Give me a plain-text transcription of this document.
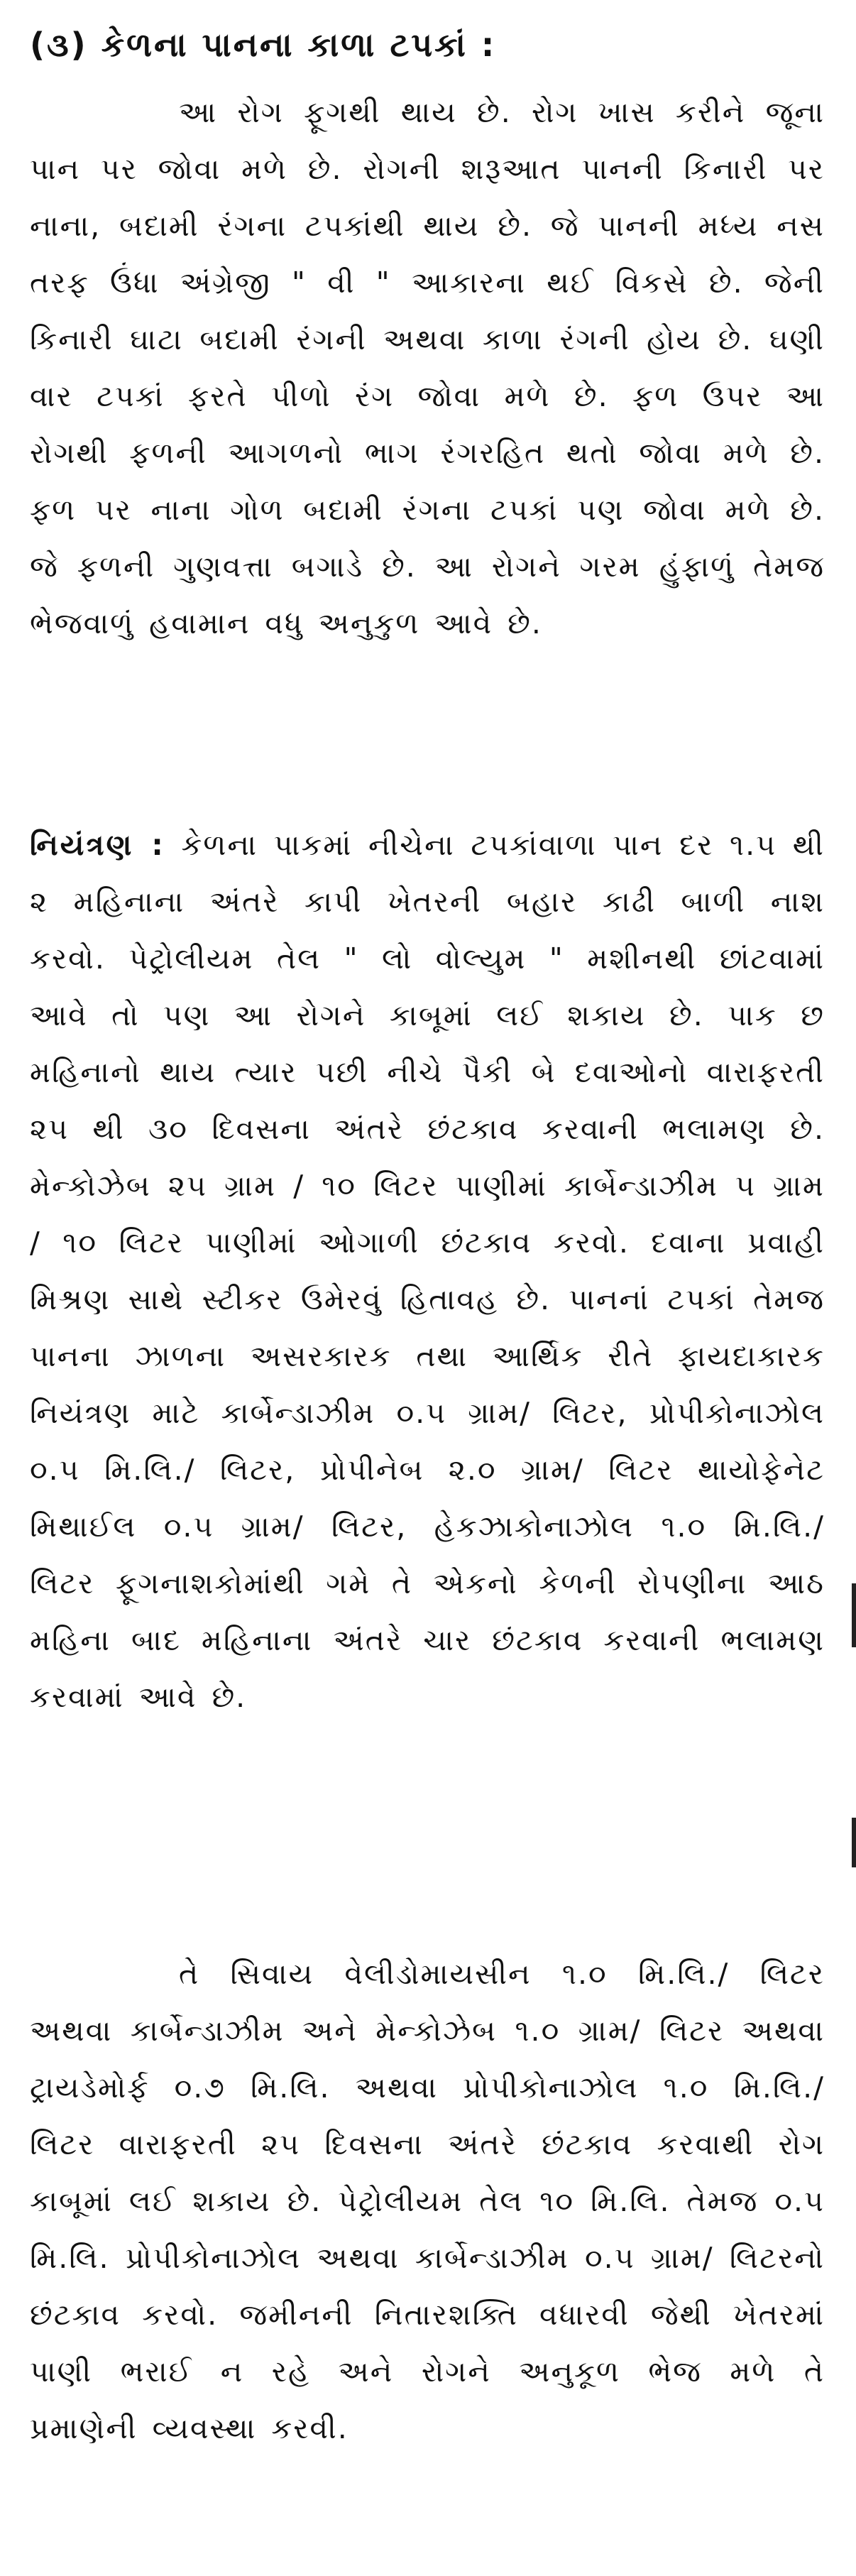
(૩) કેળના પાનના કાળા ટપકાં :

આ રોગ ફૂગથી થાય છે. રોગ ખાસ કરીને જૂના પાન પર જોવા મળે છે. રોગની શરૂઆત પાનની કિનારી પર નાના, બદામી રંગના ટપકાંથી થાય છે. જે પાનની મધ્ય નસ તરફ ઉંધા અંગ્રેજી " વી " આકારના થઈ વિકસે છે. જેની કિનારી ઘાટા બદામી રંગની અથવા કાળા રંગની હોય છે. ઘણી વાર ટપકાં ફરતે પીળો રંગ જોવા મળે છે. ફળ ઉપર આ રોગથી ફળની આગળનો ભાગ રંગરહિત થતો જોવા મળે છે. ફળ પર નાના ગોળ બદામી રંગના ટપકાં પણ જોવા મળે છે. જે ફળની ગુણવત્તા બગાડે છે. આ રોગને ગરમ હુંફાળું તેમજ ભેજવાળું હવામાન વધુ અનુકુળ આવે છે.

નિયંત્રણ : કેળના પાકમાં નીચેના ટપકાંવાળા પાન દર ૧.૫ થી ૨ મહિનાના અંતરે કાપી ખેતરની બહાર કાઢી બાળી નાશ કરવો. પેટ્રોલીયમ તેલ " લો વોલ્યુમ " મશીનથી છાંટવામાં આવે તો પણ આ રોગને કાબૂમાં લઈ શકાય છે. પાક છ મહિનાનો થાય ત્યાર પછી નીચે પૈકી બે દવાઓનો વારાફરતી ૨૫ થી ૩૦ દિવસના અંતરે છંટકાવ કરવાની ભલામણ છે. મેન્કોઝેબ ૨૫ ગ્રામ / ૧૦ લિટર પાણીમાં કાર્બેન્ડાઝીમ ૫ ગ્રામ / ૧૦ લિટર પાણીમાં ઓગાળી છંટકાવ કરવો. દવાના પ્રવાહી મિશ્રણ સાથે સ્ટીકર ઉમેરવું હિતાવહ છે. પાનનાં ટપકાં તેમજ પાનના ઝાળના અસરકારક તથા આર્થિક રીતે ફાયદાકારક નિયંત્રણ માટે કાર્બેન્ડાઝીમ ૦.૫ ગ્રામ/ લિટર, પ્રોપીકોનાઝોલ ૦.૫ મિ.લિ./ લિટર, પ્રોપીનેબ ૨.૦ ગ્રામ/ લિટર થાયોફેનેટ મિથાઈલ ૦.૫ ગ્રામ/ લિટર, હેકઝાકોનાઝોલ ૧.૦ મિ.લિ./ લિટર ફૂગનાશકોમાંથી ગમે તે એકનો કેળની રોપણીના આઠ મહિના બાદ મહિનાના અંતરે ચાર છંટકાવ કરવાની ભલામણ કરવામાં આવે છે.

તે સિવાય વેલીડોમાયસીન ૧.૦ મિ.લિ./ લિટર અથવા કાર્બેન્ડાઝીમ અને મેન્કોઝેબ ૧.૦ ગ્રામ/ લિટર અથવા ટ્રાયડેમોર્ફ ૦.૭ મિ.લિ. અથવા પ્રોપીકોનાઝોલ ૧.૦ મિ.લિ./ લિટર વારાફરતી ૨૫ દિવસના અંતરે છંટકાવ કરવાથી રોગ કાબૂમાં લઈ શકાય છે. પેટ્રોલીયમ તેલ ૧૦ મિ.લિ. તેમજ ૦.૫ મિ.લિ. પ્રોપીકોનાઝોલ અથવા કાર્બેન્ડાઝીમ ૦.૫ ગ્રામ/ લિટરનો છંટકાવ કરવો. જમીનની નિતારશક્તિ વધારવી જેથી ખેતરમાં પાણી ભરાઈ ન રહે અને રોગને અનુકૂળ ભેજ મળે તે પ્રમાણેની વ્યવસ્થા કરવી.
